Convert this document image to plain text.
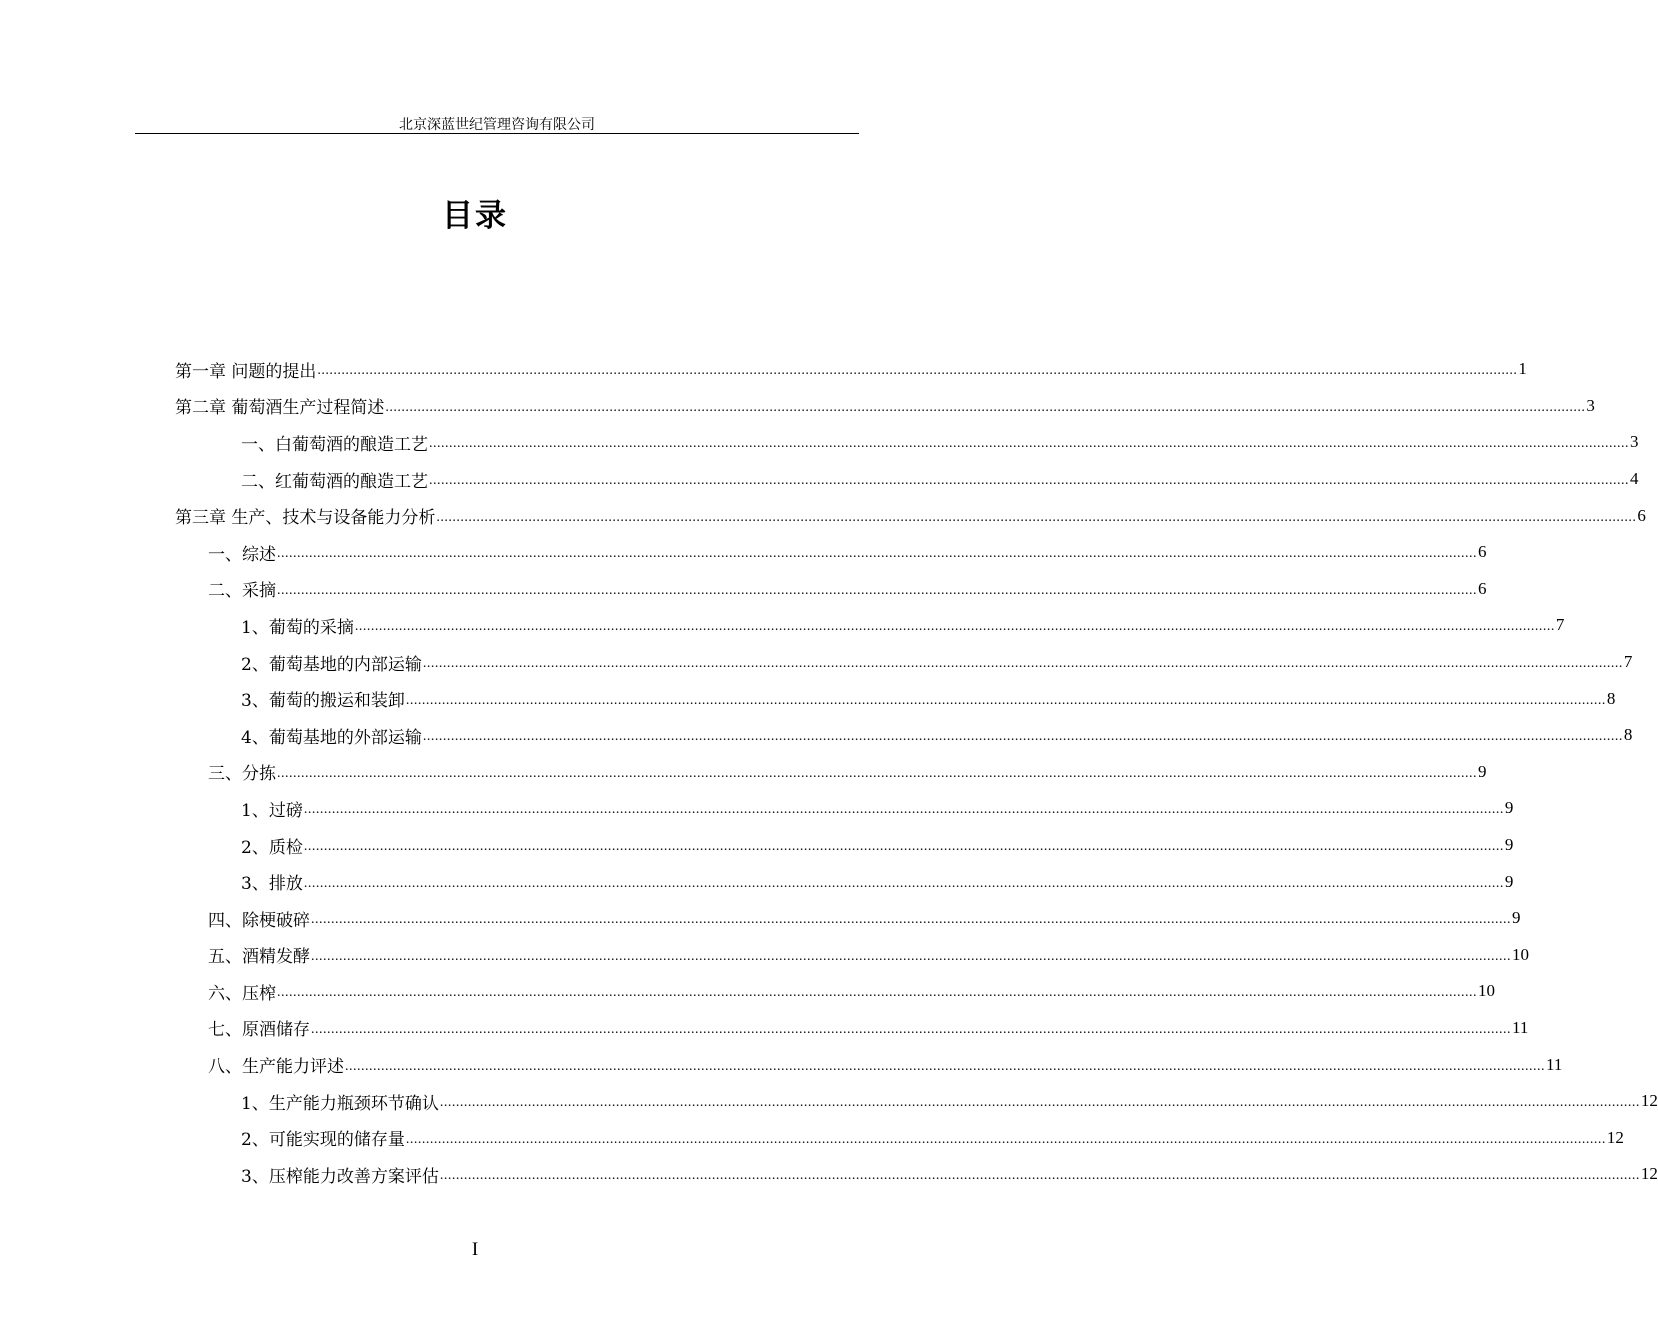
北京深蓝世纪管理咨询有限公司
目录
第一章 问题的提出 ............................................................................................................................................................................................................................................................................................................ 1
第二章 葡萄酒生产过程简述 ............................................................................................................................................................................................................................................................................................................ 3
一、白葡萄酒的酿造工艺 ............................................................................................................................................................................................................................................................................................................ 3
二、红葡萄酒的酿造工艺 ............................................................................................................................................................................................................................................................................................................ 4
第三章 生产、技术与设备能力分析 ............................................................................................................................................................................................................................................................................................................ 6
一、综述 ............................................................................................................................................................................................................................................................................................................ 6
二、采摘 ............................................................................................................................................................................................................................................................................................................ 6
1、葡萄的采摘 ............................................................................................................................................................................................................................................................................................................ 7
2、葡萄基地的内部运输 ............................................................................................................................................................................................................................................................................................................ 7
3、葡萄的搬运和装卸 ............................................................................................................................................................................................................................................................................................................ 8
4、葡萄基地的外部运输 ............................................................................................................................................................................................................................................................................................................ 8
三、分拣 ............................................................................................................................................................................................................................................................................................................ 9
1、过磅 ............................................................................................................................................................................................................................................................................................................ 9
2、质检 ............................................................................................................................................................................................................................................................................................................ 9
3、排放 ............................................................................................................................................................................................................................................................................................................ 9
四、除梗破碎 ............................................................................................................................................................................................................................................................................................................ 9
五、酒精发酵 ............................................................................................................................................................................................................................................................................................................ 10
六、压榨 ............................................................................................................................................................................................................................................................................................................ 10
七、原酒储存 ............................................................................................................................................................................................................................................................................................................ 11
八、生产能力评述 ............................................................................................................................................................................................................................................................................................................ 11
1、生产能力瓶颈环节确认 ............................................................................................................................................................................................................................................................................................................ 12
2、可能实现的储存量 ............................................................................................................................................................................................................................................................................................................ 12
3、压榨能力改善方案评估 ............................................................................................................................................................................................................................................................................................................ 12
I
